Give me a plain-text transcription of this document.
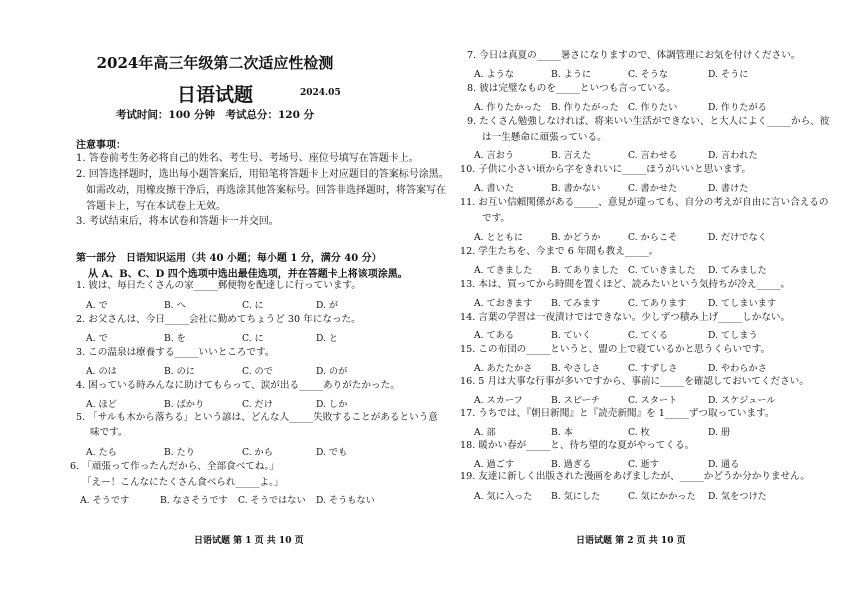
2024年高三年级第二次适应性检测
日语试题	2024.05
考试时间：100 分钟　考试总分：120 分
注意事项：
1. 答卷前考生务必将自己的姓名、考生号、考场号、座位号填写在答题卡上。
2. 回答选择题时，选出每小题答案后，用铅笔将答题卡上对应题目的答案标号涂黑。
　如需改动，用橡皮擦干净后，再选涂其他答案标号。回答非选择题时，将答案写在
　答题卡上，写在本试卷上无效。
3. 考试结束后，将本试卷和答题卡一并交回。
第一部分　日语知识运用（共 40 小题；每小题 1 分，满分 40 分）
从 A、B、C、D 四个选项中选出最佳选项，并在答题卡上将该项涂黑。
1. 彼は、毎日たくさんの家_____郵便物を配達しに行っています。
A. で	B. へ	C. に	D. が
2. お父さんは、今日_____会社に勤めてちょうど 30 年になった。
A. で	B. を	C. に	D. と
3. この温泉は療養する_____いいところです。
A. のは	B. のに	C. ので	D. のが
4. 困っている時みんなに助けてもらって、涙が出る_____ありがたかった。
A. ほど	B. ばかり	C. だけ	D. しか
5. 「サルも木から落ちる」という諺は、どんな人_____失敗することがあるという意
味です。
A. たら	B. たり	C. から	D. でも
6. 「頑張って作ったんだから、全部食べてね。」
「えー！こんなにたくさん食べられ_____よ。」
A. そうです	B. なさそうです C. そうではない D. そうもない
日语试题 第 1 页 共 10 页
7. 今日は真夏の_____暑さになりますので、体調管理にお気を付けください。
A. ような	B. ように	C. そうな	D. そうに
8. 彼は完璧なものを_____といつも言っている。
A. 作りたかった B. 作りたがった C. 作りたい	D. 作りたがる
9. たくさん勉強しなければ、将来いい生活ができない、と大人によく_____から、彼
は一生懸命に頑張っている。
A. 言おう	B. 言えた	C. 言わせる	D. 言われた
10. 子供に小さい頃から字をきれいに_____ほうがいいと思います。
A. 書いた	B. 書かない	C. 書かせた	D. 書けた
11. お互い信頼関係がある_____、意見が違っても、自分の考えが自由に言い合えるの
です。
A. とともに	B. かどうか	C. からこそ	D. だけでなく
12. 学生たちを、今まで 6 年間も教え_____。
A. てきました B. てありました C. ていきました D. てみました
13. 本は、買ってから時間を置くほど、読みたいという気持ちが冷え_____。
A. ておきます B. てみます	C. てあります D. てしまいます
14. 言葉の学習は一夜漬けではできない。少しずつ積み上げ_____しかない。
A. てある	B. ていく	C. てくる	D. てしまう
15. この布団の_____というと、盟の上で寝ているかと思うくらいです。
A. あたたかさ B. やさしさ	C. すずしさ	D. やわらかさ
16. 5 月は大事な行事が多いですから、事前に_____を確認しておいてください。
A. スカーフ	B. スピーチ	C. スタート	D. スケジュール
17. うちでは、『朝日新聞』と『読売新聞』を 1_____ずつ取っています。
A. 部	B. 本	C. 枚	D. 册
18. 暖かい春が_____と、待ち望的な夏がやってくる。
A. 過ごす	B. 過ぎる	C. 逝す	D. 通る
19. 友達に新しく出版された漫画をあげましたが、_____かどうか分かりません。
A. 気に入った B. 気にした	C. 気にかかった D. 気をつけた
日语试题 第 2 页 共 10 页
